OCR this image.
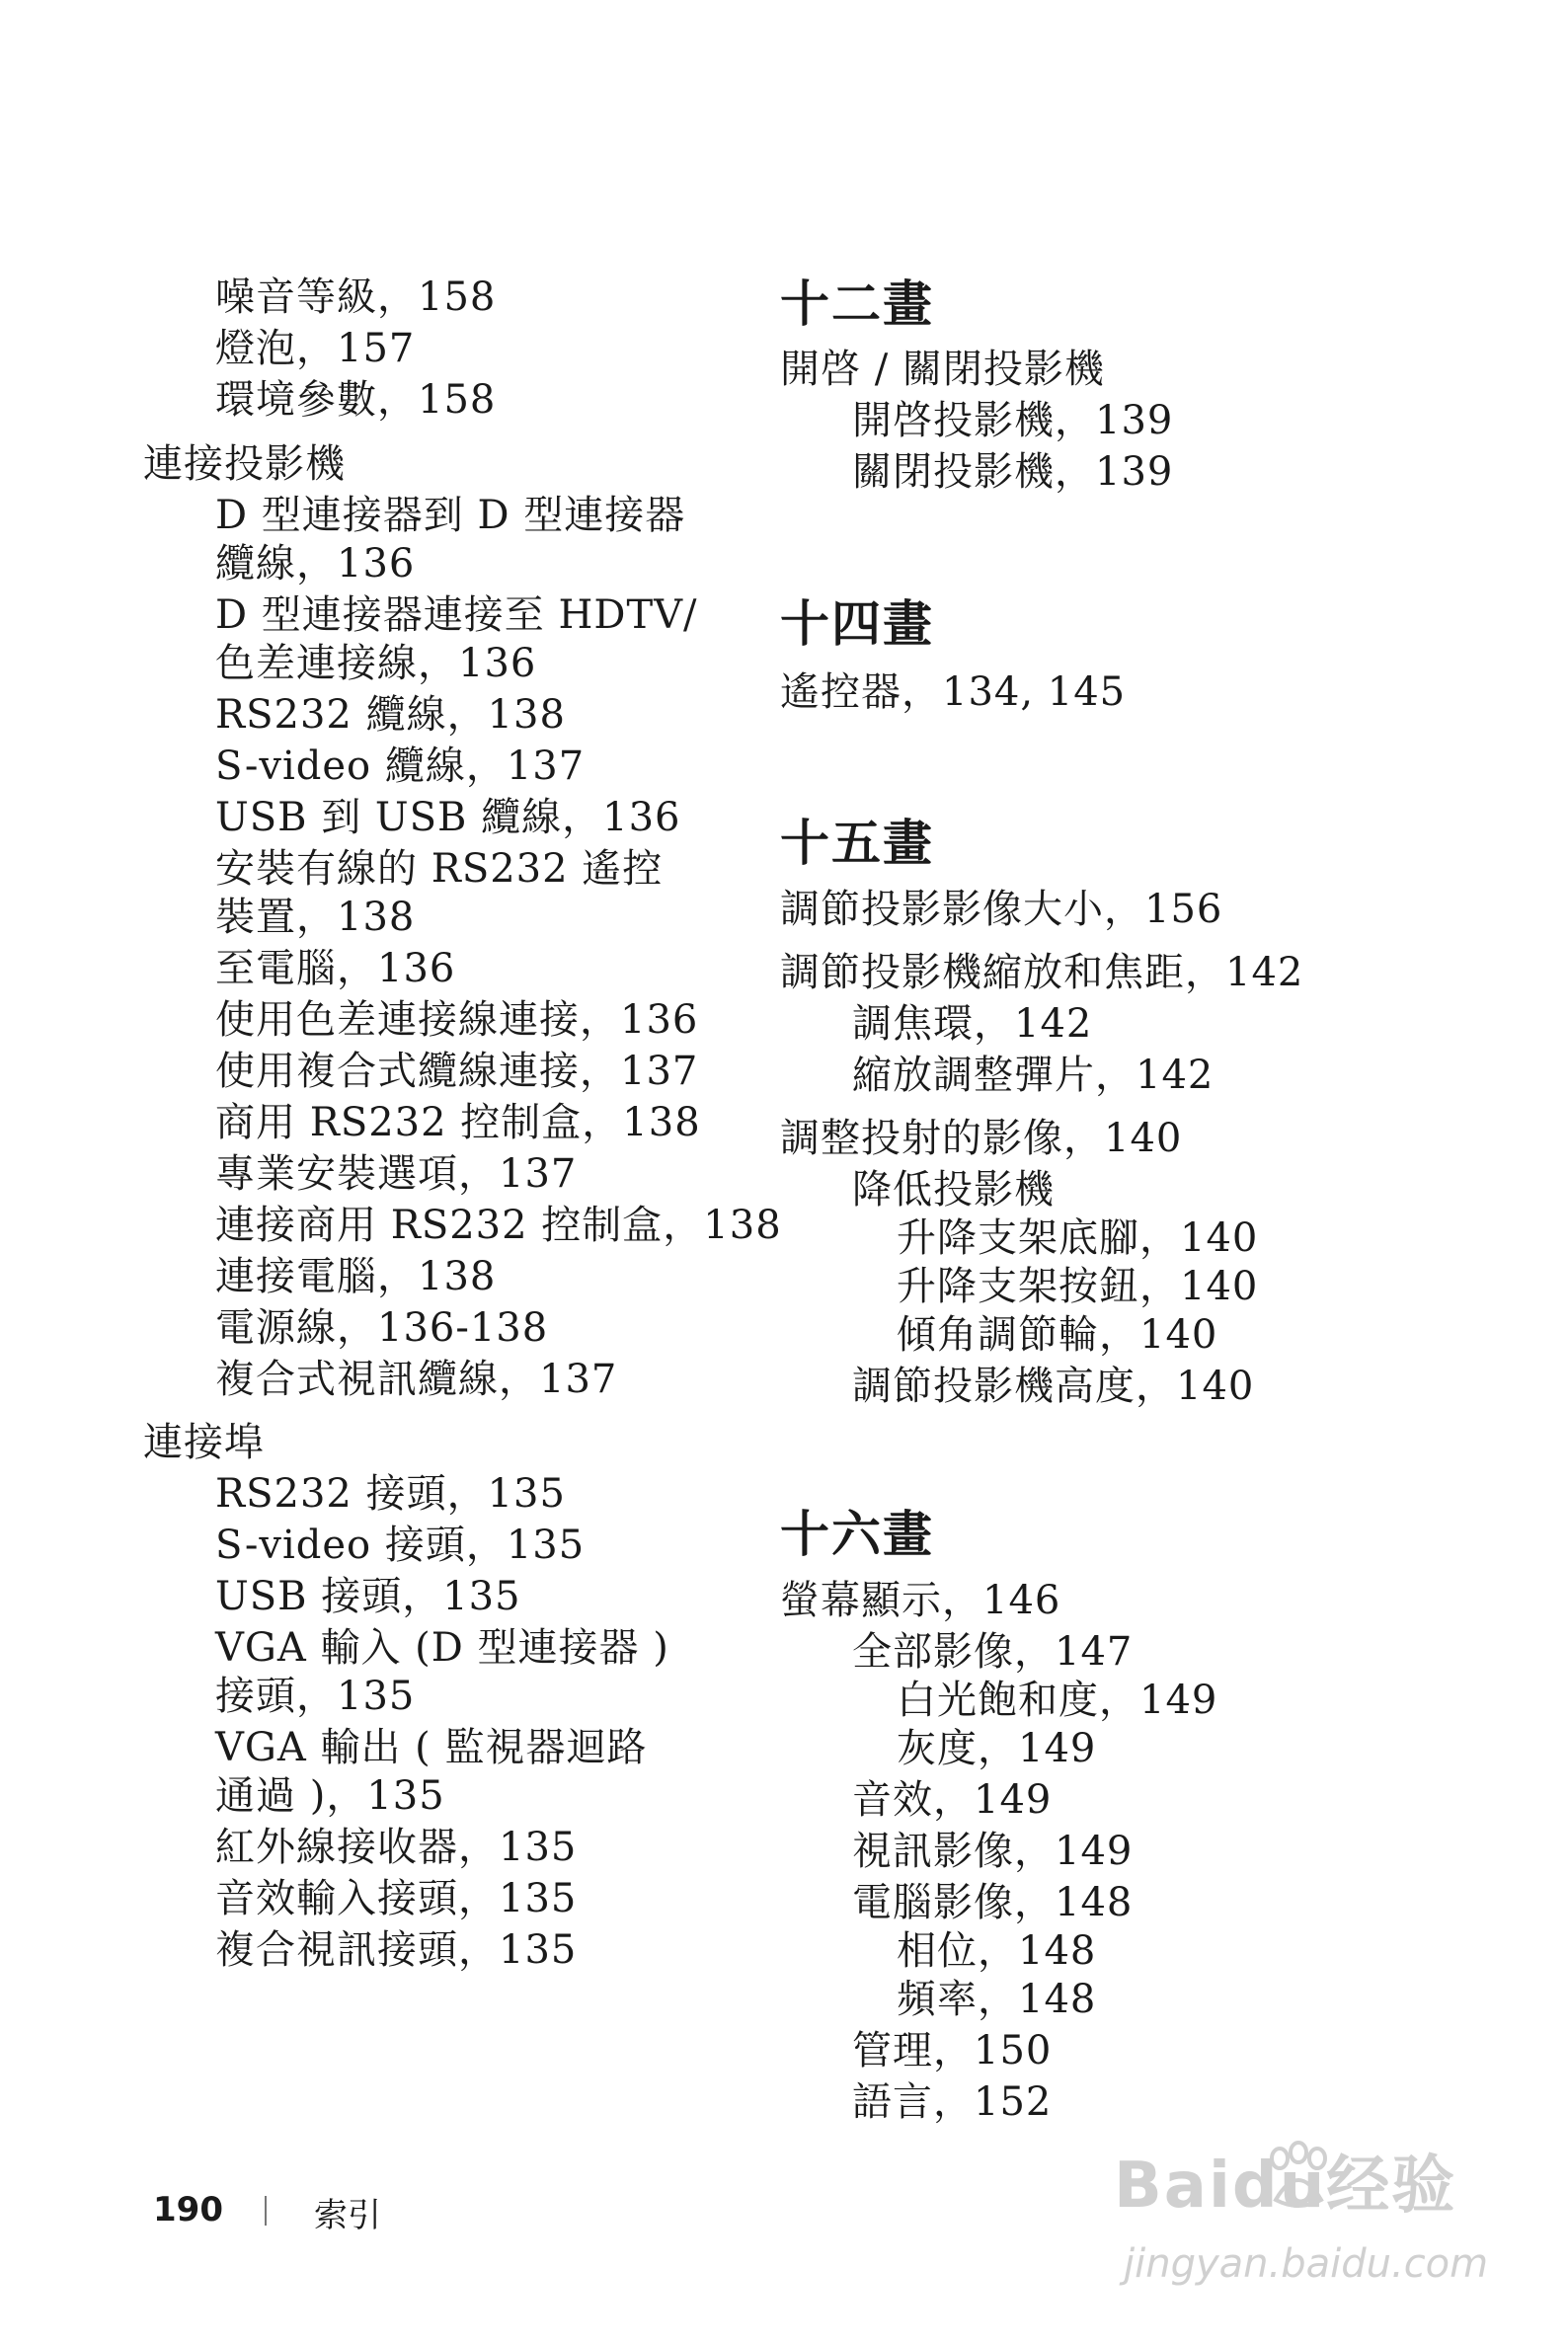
噪音等級，158
燈泡，157
環境參數，158
連接投影機
D 型連接器到 D 型連接器
纜線，136
D 型連接器連接至 HDTV/
色差連接線，136
RS232 纜線，138
S-video 纜線，137
USB 到 USB 纜線，136
安裝有線的 RS232 遙控
裝置，138
至電腦，136
使用色差連接線連接，136
使用複合式纜線連接，137
商用 RS232 控制盒，138
專業安裝選項，137
連接商用 RS232 控制盒，138
連接電腦，138
電源線，136-138
複合式視訊纜線，137
連接埠
RS232 接頭，135
S-video 接頭，135
USB 接頭，135
VGA 輸入 (D 型連接器 )
接頭，135
VGA 輸出 ( 監視器迴路
通過 )，135
紅外線接收器，135
音效輸入接頭，135
複合視訊接頭，135
十二畫
開啓 / 關閉投影機
開啓投影機，139
關閉投影機，139
十四畫
遙控器，134, 145
十五畫
調節投影影像大小，156
調節投影機縮放和焦距，142
調焦環，142
縮放調整彈片，142
調整投射的影像，140
降低投影機
升降支架底腳，140
升降支架按鈕，140
傾角調節輪，140
調節投影機高度，140
十六畫
螢幕顯示，146
全部影像，147
白光飽和度，149
灰度，149
音效，149
視訊影像，149
電腦影像，148
相位，148
頻率，148
管理，150
語言，152
190	索引	Baidu经验
jingyan.baidu.com
